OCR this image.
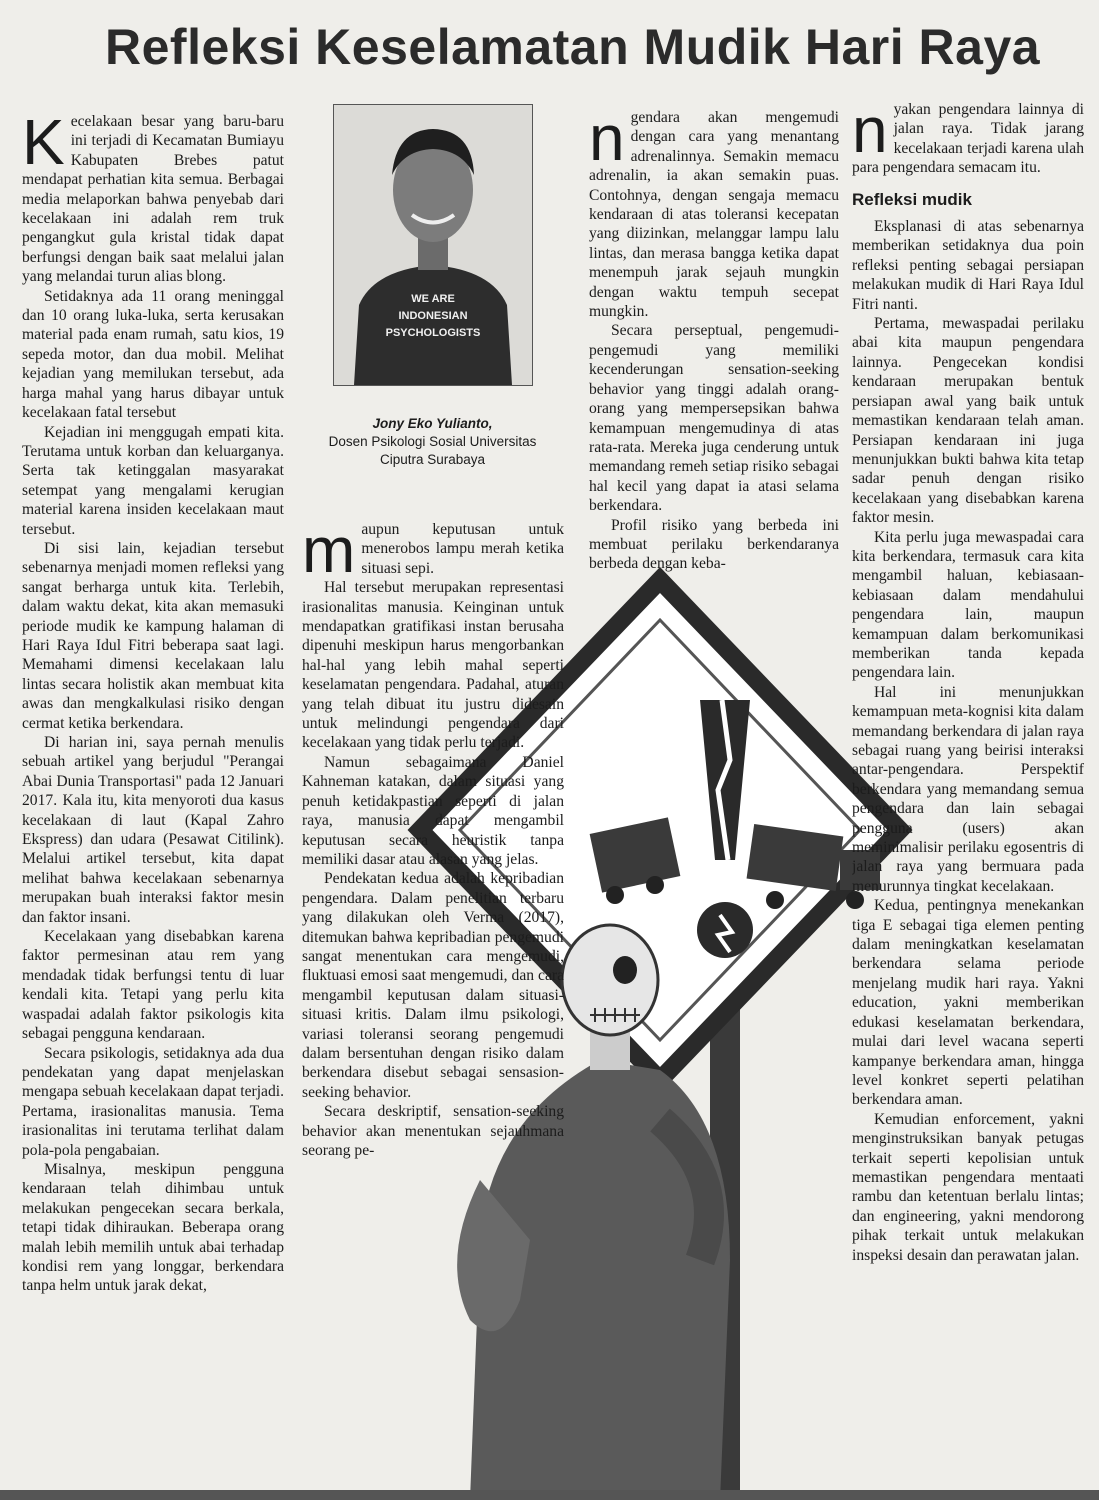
Refleksi Keselamatan Mudik Hari Raya

Kecelakaan besar yang baru-baru ini terjadi di Kecamatan Bumiayu Kabupaten Brebes patut mendapat perhatian kita semua. Berbagai media melaporkan bahwa penyebab dari kecelakaan ini adalah rem truk pengangkut gula kristal tidak dapat berfungsi dengan baik saat melalui jalan yang melandai turun alias blong.

Setidaknya ada 11 orang meninggal dan 10 orang luka-luka, serta kerusakan material pada enam rumah, satu kios, 19 sepeda motor, dan dua mobil. Melihat kejadian yang memilukan tersebut, ada harga mahal yang harus dibayar untuk kecelakaan fatal tersebut

Kejadian ini menggugah empati kita. Terutama untuk korban dan keluarganya. Serta tak ketinggalan masyarakat setempat yang mengalami kerugian material karena insiden kecelakaan maut tersebut.

Di sisi lain, kejadian tersebut sebenarnya menjadi momen refleksi yang sangat berharga untuk kita. Terlebih, dalam waktu dekat, kita akan memasuki periode mudik ke kampung halaman di Hari Raya Idul Fitri beberapa saat lagi. Memahami dimensi kecelakaan lalu lintas secara holistik akan membuat kita awas dan mengkalkulasi risiko dengan cermat ketika berkendara.

Di harian ini, saya pernah menulis sebuah artikel yang berjudul "Perangai Abai Dunia Transportasi" pada 12 Januari 2017. Kala itu, kita menyoroti dua kasus kecelakaan di laut (Kapal Zahro Ekspress) dan udara (Pesawat Citilink). Melalui artikel tersebut, kita dapat melihat bahwa kecelakaan sebenarnya merupakan buah interaksi faktor mesin dan faktor insani.

Kecelakaan yang disebabkan karena faktor permesinan atau rem yang mendadak tidak berfungsi tentu di luar kendali kita. Tetapi yang perlu kita waspadai adalah faktor psikologis kita sebagai pengguna kendaraan.

Secara psikologis, setidaknya ada dua pendekatan yang dapat menjelaskan mengapa sebuah kecelakaan dapat terjadi. Pertama, irasionalitas manusia. Tema irasionalitas ini terutama terlihat dalam pola-pola pengabaian.

Misalnya, meskipun pengguna kendaraan telah dihimbau untuk melakukan pengecekan secara berkala, tetapi tidak dihiraukan. Beberapa orang malah lebih memilih untuk abai terhadap kondisi rem yang longgar, berkendara tanpa helm untuk jarak dekat,

WE ARE
INDONESIAN
PSYCHOLOGISTS
Jony Eko Yulianto,
Dosen Psikologi Sosial Universitas
Ciputra Surabaya

ngendara akan mengemudi dengan cara yang menantang adrenalinnya. Semakin memacu adrenalin, ia akan semakin puas. Contohnya, dengan sengaja memacu kendaraan di atas toleransi kecepatan yang diizinkan, melanggar lampu lalu lintas, dan merasa bangga ketika dapat menempuh jarak sejauh mungkin dengan waktu tempuh secepat mungkin.

Secara perseptual, pengemudi-pengemudi yang memiliki kecenderungan sensation-seeking behavior yang tinggi adalah orang-orang yang mempersepsikan bahwa kemampuan mengemudinya di atas rata-rata. Mereka juga cenderung untuk memandang remeh setiap risiko sebagai hal kecil yang dapat ia atasi selama berkendara.

Profil risiko yang berbeda ini membuat perilaku berkendaranya berbeda dengan keba-

maupun keputusan untuk menerobos lampu merah ketika situasi sepi.

Hal tersebut merupakan representasi irasionalitas manusia. Keinginan untuk mendapatkan gratifikasi instan berusaha dipenuhi meskipun harus mengorbankan hal-hal yang lebih mahal seperti keselamatan pengendara. Padahal, aturan yang telah dibuat itu justru didesain untuk melindungi pengendara dari kecelakaan yang tidak perlu terjadi.

Namun sebagaimana Daniel Kahneman katakan, dalam situasi yang penuh ketidakpastian seperti di jalan raya, manusia dapat mengambil keputusan secara heuristik tanpa memiliki dasar atau alasan yang jelas.

Pendekatan kedua adalah kepribadian pengendara. Dalam penelitian terbaru yang dilakukan oleh Verma (2017), ditemukan bahwa kepribadian pengemudi sangat menentukan cara mengemudi, fluktuasi emosi saat mengemudi, dan cara mengambil keputusan dalam situasi-situasi kritis. Dalam ilmu psikologi, variasi toleransi seorang pengemudi dalam bersentuhan dengan risiko dalam berkendara disebut sebagai sensasion-seeking behavior.

Secara deskriptif, sensation-seeking behavior akan menentukan sejauhmana seorang pe-

nyakan pengendara lainnya di jalan raya. Tidak jarang kecelakaan terjadi karena ulah para pengendara semacam itu.

Refleksi mudik

Eksplanasi di atas sebenarnya memberikan setidaknya dua poin refleksi penting sebagai persiapan melakukan mudik di Hari Raya Idul Fitri nanti.

Pertama, mewaspadai perilaku abai kita maupun pengendara lainnya. Pengecekan kondisi kendaraan merupakan bentuk persiapan awal yang baik untuk memastikan kendaraan telah aman. Persiapan kendaraan ini juga menunjukkan bukti bahwa kita tetap sadar penuh dengan risiko kecelakaan yang disebabkan karena faktor mesin.

Kita perlu juga mewaspadai cara kita berkendara, termasuk cara kita mengambil haluan, kebiasaan-kebiasaan dalam mendahului pengendara lain, maupun kemampuan dalam berkomunikasi memberikan tanda kepada pengendara lain.

Hal ini menunjukkan kemampuan meta-kognisi kita dalam memandang berkendara di jalan raya sebagai ruang yang beirisi interaksi antar-pengendara. Perspektif berkendara yang memandang semua pengendara dan lain sebagai pengguna (users) akan meminimalisir perilaku egosentris di jalan raya yang bermuara pada menurunnya tingkat kecelakaan.

Kedua, pentingnya menekankan tiga E sebagai tiga elemen penting dalam meningkatkan keselamatan berkendara selama periode menjelang mudik hari raya. Yakni education, yakni memberikan edukasi keselamatan berkendara, mulai dari level wacana seperti kampanye berkendara aman, hingga level konkret seperti pelatihan berkendara aman.

Kemudian enforcement, yakni menginstruksikan banyak petugas terkait seperti kepolisian untuk memastikan pengendara mentaati rambu dan ketentuan berlalu lintas; dan engineering, yakni mendorong pihak terkait untuk melakukan inspeksi desain dan perawatan jalan.
